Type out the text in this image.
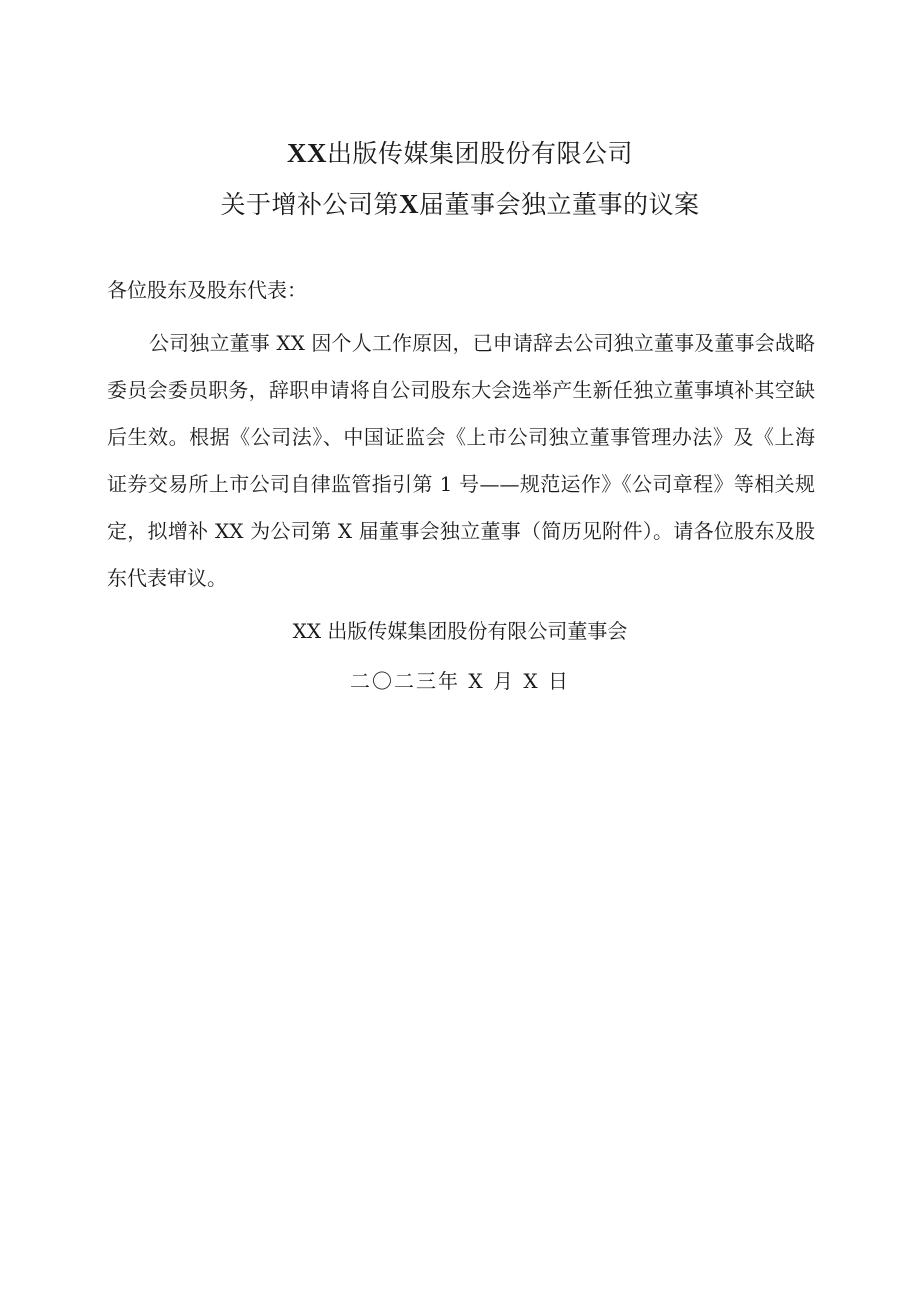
XX出版传媒集团股份有限公司
关于增补公司第X届董事会独立董事的议案
各位股东及股东代表：
公司独立董事 XX 因个人工作原因，已申请辞去公司独立董事及董事会战略
委员会委员职务，辞职申请将自公司股东大会选举产生新任独立董事填补其空缺
后生效。根据《公司法》、中国证监会《上市公司独立董事管理办法》及《上海
证券交易所上市公司自律监管指引第 1 号——规范运作》《公司章程》等相关规
定，拟增补 XX 为公司第 X 届董事会独立董事（简历见附件）。请各位股东及股
东代表审议。
XX 出版传媒集团股份有限公司董事会
二〇二三年 X 月 X 日
